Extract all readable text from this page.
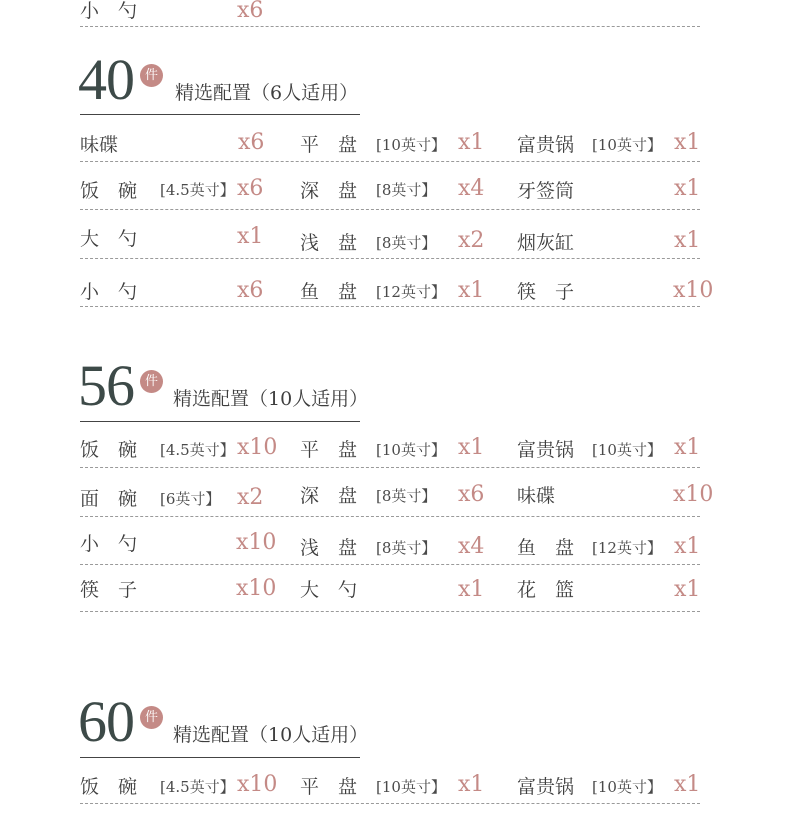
小　勺	x6
40 件
精选配置（6人适用）
味碟	x6 平　盘 [10英寸】 x1 富贵锅 [10英寸】 x1
饭　碗 [4.5英寸】 x6 深　盘 [8英寸】 x4 牙签筒	x1
大　勺	x1 浅　盘 [8英寸】 x2 烟灰缸	x1
小　勺	x6 鱼　盘 [12英寸】 x1 筷　子	x10
56 件
精选配置（10人适用）
饭　碗 [4.5英寸】 x10 平　盘 [10英寸】 x1 富贵锅 [10英寸】 x1
面　碗 [6英寸】 x2 深　盘 [8英寸】 x6 味碟	x10
小　勺	x10 浅　盘 [8英寸】 x4 鱼　盘 [12英寸】 x1
筷　子	x10 大　勺	x1 花　篮	x1
60 件
精选配置（10人适用）
饭　碗 [4.5英寸】 x10 平　盘 [10英寸】 x1 富贵锅 [10英寸】 x1
